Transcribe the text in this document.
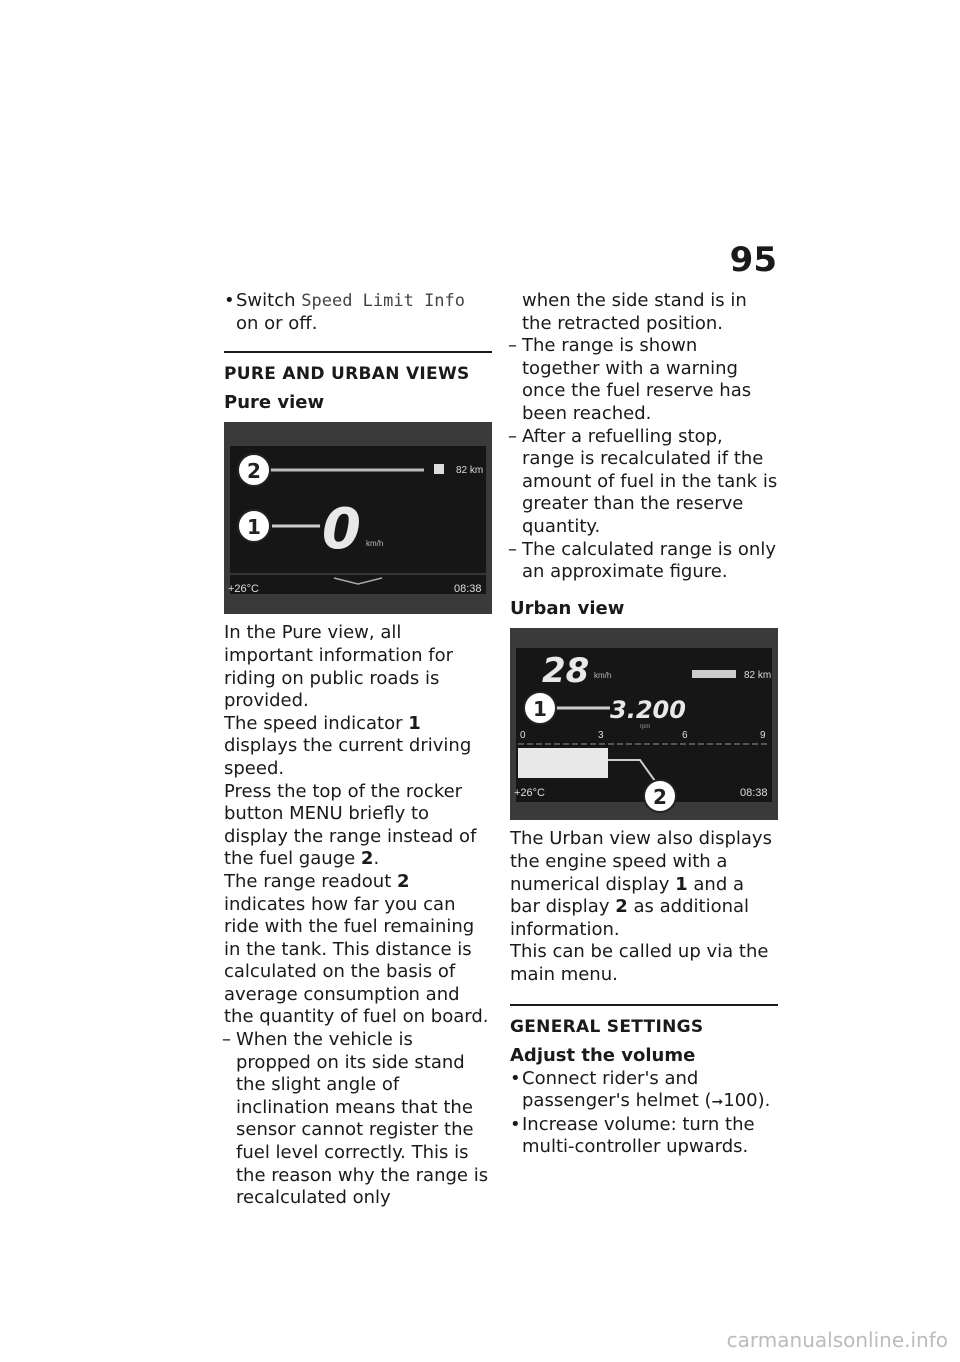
95
• Switch Speed Limit Info on or off.
PURE AND URBAN VIEWS
Pure view
82 km
0 km/h
+26°C	08:38
2
1

In the Pure view, all important information for riding on public roads is provided.

The speed indicator 1 displays the current driving speed.

Press the top of the rocker button MENU briefly to display the range instead of the fuel gauge 2.

The range readout 2 indicates how far you can ride with the fuel remaining in the tank. This distance is calculated on the basis of average consumption and the quantity of fuel on board.

– When the vehicle is propped on its side stand the slight angle of inclination means that the sensor cannot register the fuel level correctly. This is the reason why the range is recalculated only
when the side stand is in the retracted position.
– The range is shown together with a warning once the fuel reserve has been reached.
– After a refuelling stop, range is recalculated if the amount of fuel in the tank is greater than the reserve quantity.
– The calculated range is only an approximate figure.
Urban view
28 km/h	82 km
3.200
rpm
0	3	6	9
+26°C	08:38
1
2

The Urban view also displays the engine speed with a numerical display 1 and a bar display 2 as additional information.

This can be called up via the main menu.

GENERAL SETTINGS
Adjust the volume
• Connect rider's and passenger's helmet (➞100).
• Increase volume: turn the multi-controller upwards.
carmanualsonline.info
